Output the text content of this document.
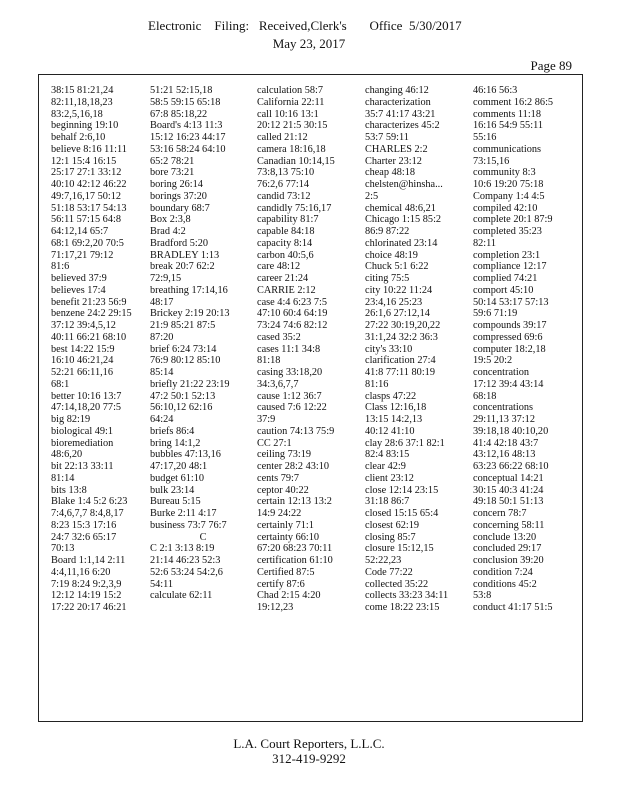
Electronic    Filing:   Received,Clerk's       Office  5/30/2017
May 23, 2017
Page 89
38:15 81:21,24
82:11,18,18,23
83:2,5,16,18
beginning 19:10
behalf 2:6,10
believe 8:16 11:11
12:1 15:4 16:15
25:17 27:1 33:12
40:10 42:12 46:22
49:7,16,17 50:12
51:18 53:17 54:13
56:11 57:15 64:8
64:12,14 65:7
68:1 69:2,20 70:5
71:17,21 79:12
81:6
believed 37:9
believes 17:4
benefit 21:23 56:9
benzene 24:2 29:15
37:12 39:4,5,12
40:11 66:21 68:10
best 14:22 15:9
16:10 46:21,24
52:21 66:11,16
68:1
better 10:16 13:7
47:14,18,20 77:5
big 82:19
biological 49:1
bioremediation
48:6,20
bit 22:13 33:11
81:14
bits 13:8
Blake 1:4 5:2 6:23
7:4,6,7,7 8:4,8,17
8:23 15:3 17:16
24:7 32:6 65:17
70:13
Board 1:1,14 2:11
4:4,11,16 6:20
7:19 8:24 9:2,3,9
12:12 14:19 15:2
17:22 20:17 46:21
51:21 52:15,18
58:5 59:15 65:18
67:8 85:18,22
Board's 4:13 11:3
15:12 16:23 44:17
53:16 58:24 64:10
65:2 78:21
bore 73:21
boring 26:14
borings 37:20
boundary 68:7
Box 2:3,8
Brad 4:2
Bradford 5:20
BRADLEY 1:13
break 20:7 62:2
72:9,15
breathing 17:14,16
48:17
Brickey 2:19 20:13
21:9 85:21 87:5
87:20
brief 6:24 73:14
76:9 80:12 85:10
85:14
briefly 21:22 23:19
47:2 50:1 52:13
56:10,12 62:16
64:24
briefs 86:4
bring 14:1,2
bubbles 47:13,16
47:17,20 48:1
budget 61:10
bulk 23:14
Bureau 5:15
Burke 2:11 4:17
business 73:7 76:7
C
C 2:1 3:13 8:19
21:14 46:23 52:3
52:6 53:24 54:2,6
54:11
calculate 62:11
calculation 58:7
California 22:11
call 10:16 13:1
20:12 21:5 30:15
called 21:12
camera 18:16,18
Canadian 10:14,15
73:8,13 75:10
76:2,6 77:14
candid 73:12
candidly 75:16,17
capability 81:7
capable 84:18
capacity 8:14
carbon 40:5,6
care 48:12
career 21:24
CARRIE 2:12
case 4:4 6:23 7:5
47:10 60:4 64:19
73:24 74:6 82:12
cased 35:2
cases 11:1 34:8
81:18
casing 33:18,20
34:3,6,7,7
cause 1:12 36:7
caused 7:6 12:22
37:9
caution 74:13 75:9
CC 27:1
ceiling 73:19
center 28:2 43:10
cents 79:7
ceptor 40:22
certain 12:13 13:2
14:9 24:22
certainly 71:1
certainty 66:10
67:20 68:23 70:11
certification 61:10
Certified 87:5
certify 87:6
Chad 2:15 4:20
19:12,23
changing 46:12
characterization
35:7 41:17 43:21
characterizes 45:2
53:7 59:11
CHARLES 2:2
Charter 23:12
cheap 48:18
chelsten@hinsha...
2:5
chemical 48:6,21
Chicago 1:15 85:2
86:9 87:22
chlorinated 23:14
choice 48:19
Chuck 5:1 6:22
citing 75:5
city 10:22 11:24
23:4,16 25:23
26:1,6 27:12,14
27:22 30:19,20,22
31:1,24 32:2 36:3
city's 33:10
clarification 27:4
41:8 77:11 80:19
81:16
clasps 47:22
Class 12:16,18
13:15 14:2,13
40:12 41:10
clay 28:6 37:1 82:1
82:4 83:15
clear 42:9
client 23:12
close 12:14 23:15
31:18 86:7
closed 15:15 65:4
closest 62:19
closing 85:7
closure 15:12,15
52:22,23
Code 77:22
collected 35:22
collects 33:23 34:11
come 18:22 23:15
46:16 56:3
comment 16:2 86:5
comments 11:18
16:16 54:9 55:11
55:16
communications
73:15,16
community 8:3
10:6 19:20 75:18
Company 1:4 4:5
compiled 42:10
complete 20:1 87:9
completed 35:23
82:11
completion 23:1
compliance 12:17
complied 74:21
comport 45:10
50:14 53:17 57:13
59:6 71:19
compounds 39:17
compressed 69:6
computer 18:2,18
19:5 20:2
concentration
17:12 39:4 43:14
68:18
concentrations
29:11,13 37:12
39:18,18 40:10,20
41:4 42:18 43:7
43:12,16 48:13
63:23 66:22 68:10
conceptual 14:21
30:15 40:3 41:24
49:18 50:1 51:13
concern 78:7
concerning 58:11
conclude 13:20
concluded 29:17
conclusion 39:20
condition 7:24
conditions 45:2
53:8
conduct 41:17 51:5
L.A. Court Reporters, L.L.C.
312-419-9292
